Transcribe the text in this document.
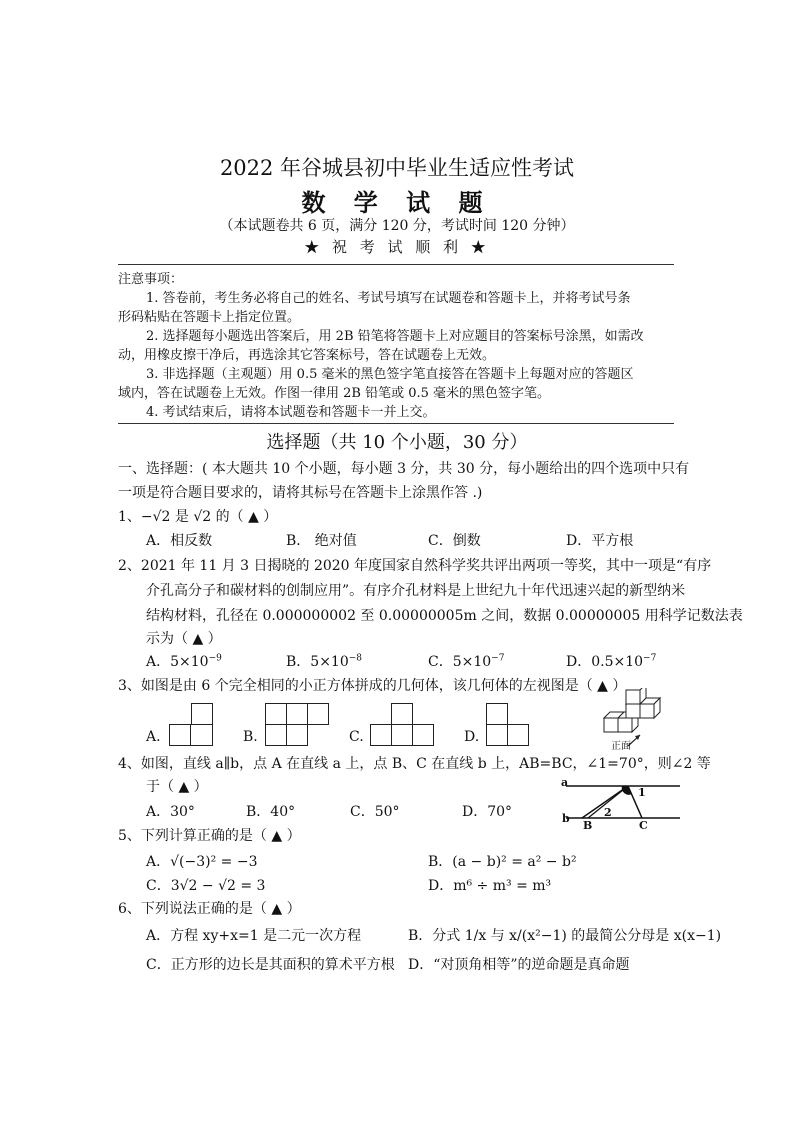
2022 年谷城县初中毕业生适应性考试
数 学 试 题
（本试题卷共 6 页，满分 120 分，考试时间 120 分钟）
★ 祝 考 试 顺 利 ★
注意事项：
1. 答卷前，考生务必将自己的姓名、考试号填写在试题卷和答题卡上，并将考试号条
形码粘贴在答题卡上指定位置。
2. 选择题每小题选出答案后，用 2B 铅笔将答题卡上对应题目的答案标号涂黑，如需改
动，用橡皮擦干净后，再选涂其它答案标号，答在试题卷上无效。
3. 非选择题（主观题）用 0.5 毫米的黑色签字笔直接答在答题卡上每题对应的答题区
域内，答在试题卷上无效。作图一律用 2B 铅笔或 0.5 毫米的黑色签字笔。
4. 考试结束后，请将本试题卷和答题卡一并上交。
选择题（共 10 个小题，30 分）
一、选择题：( 本大题共 10 个小题，每小题 3 分，共 30 分，每小题给出的四个选项中只有
一项是符合题目要求的，请将其标号在答题卡上涂黑作答 .)
1、−√2 是 √2 的（ ▲ ）
A．相反数	B． 绝对值	C．倒数	D．平方根
2、2021 年 11 月 3 日揭晓的 2020 年度国家自然科学奖共评出两项一等奖，其中一项是“有序
介孔高分子和碳材料的创制应用”。有序介孔材料是上世纪九十年代迅速兴起的新型纳米
结构材料，孔径在 0.000000002 至 0.00000005m 之间，数据 0.00000005 用科学记数法表
示为（ ▲ ）
A．$5\times 10^{-9}$	B．$5\times 10^{-8}$	C．$5\times 10^{-7}$	D．$0.5\times 10^{-7}$
3、如图是由 6 个完全相同的小正方体拼成的几何体，该几何体的左视图是（ ▲ ）
A.	B.	C.	D.
正面
4、如图，直线 a∥b，点 A 在直线 a 上，点 B、C 在直线 b 上，AB=BC，∠1=70°，则∠2 等
于（ ▲ ）
A．30°	B．40°	C．50°	D．70°
a
b
1
2
B	C
5、下列计算正确的是（ ▲ ）
A．√(−3)² = −3	B．(a − b)² = a² − b²
C．3√2 − √2 = 3	D．m⁶ ÷ m³ = m³
6、下列说法正确的是（ ▲ ）
A．方程 xy+x=1 是二元一次方程	B．分式 1/x 与 x/(x²−1) 的最简公分母是 x(x−1)
C．正方形的边长是其面积的算术平方根 D．“对顶角相等”的逆命题是真命题
